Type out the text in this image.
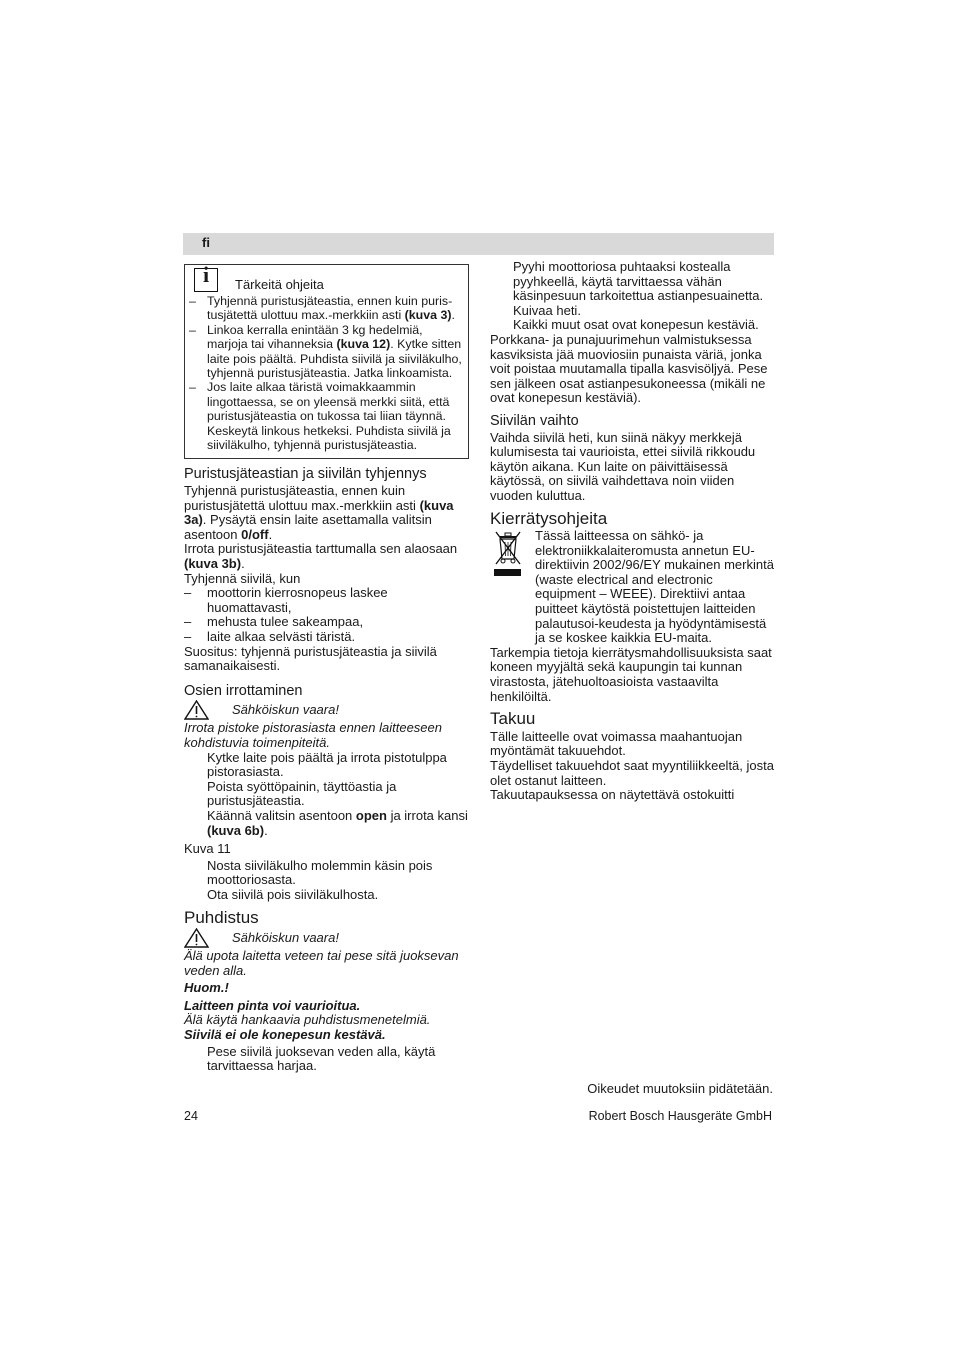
fi
i
Tärkeitä ohjeita
– Tyhjennä puristusjäteastia, ennen kuin puris- tusjätettä ulottuu max.-merkkiin asti (kuva 3).
– Linkoa kerralla enintään 3 kg hedelmiä, marjoja tai vihanneksia (kuva 12). Kytke sitten laite pois päältä. Puhdista siivilä ja siiviläkulho, tyhjennä puristusjäteastia. Jatka linkoamista.
– Jos laite alkaa täristä voimakkaammin lingottaessa, se on yleensä merkki siitä, että puristusjäteastia on tukossa tai liian täynnä. Keskeytä linkous hetkeksi. Puhdista siivilä ja siiviläkulho, tyhjennä puristusjäteastia.
Puristusjäteastian ja siivilän tyhjennys

Tyhjennä puristusjäteastia, ennen kuin puristusjätettä ulottuu max.-merkkiin asti (kuva 3a). Pysäytä ensin laite asettamalla valitsin asentoon 0/off.

Irrota puristusjäteastia tarttumalla sen alaosaan (kuva 3b).

Tyhjennä siivilä, kun

–	moottorin kierrosnopeus laskee huomattavasti,
–	mehusta tulee sakeampaa,
–	laite alkaa selvästi täristä.

Suositus: tyhjennä puristusjäteastia ja siivilä samanaikaisesti.

Osien irrottaminen
Sähköiskun vaara!

Irrota pistoke pistorasiasta ennen laitteeseen kohdistuvia toimenpiteitä.

Kytke laite pois päältä ja irrota pistotulppa pistorasiasta.

Poista syöttöpainin, täyttöastia ja puristusjäteastia.

Käännä valitsin asentoon open ja irrota kansi (kuva 6b).

Kuva 11

Nosta siiviläkulho molemmin käsin pois moottoriosasta.

Ota siivilä pois siiviläkulhosta.

Puhdistus
Sähköiskun vaara!

Älä upota laitetta veteen tai pese sitä juoksevan veden alla.

Huom.!

Laitteen pinta voi vaurioitua.

Älä käytä hankaavia puhdistusmenetelmiä.

Siivilä ei ole konepesun kestävä.

Pese siivilä juoksevan veden alla, käytä tarvittaessa harjaa.

Pyyhi moottoriosa puhtaaksi kostealla pyyhkeellä, käytä tarvittaessa vähän käsinpesuun tarkoitettua astianpesuainetta. Kuivaa heti.

Kaikki muut osat ovat konepesun kestäviä.

Porkkana- ja punajuurimehun valmistuksessa kasviksista jää muoviosiin punaista väriä, jonka voit poistaa muutamalla tipalla kasvisöljyä. Pese sen jälkeen osat astianpesukoneessa (mikäli ne ovat konepesun kestäviä).

Siivilän vaihto

Vaihda siivilä heti, kun siinä näkyy merkkejä kulumisesta tai vaurioista, ettei siivilä rikkoudu käytön aikana. Kun laite on päivittäisessä käytössä, on siivilä vaihdettava noin viiden vuoden kuluttua.

Kierrätysohjeita

Tässä laitteessa on sähkö- ja elektroniikkalaiteromusta annetun EU-direktiivin 2002/96/EY mukainen merkintä (waste electrical and electronic equipment – WEEE). Direktiivi antaa puitteet käytöstä poistettujen laitteiden palautusoi-keudesta ja hyödyntämisestä ja se koskee kaikkia EU-maita.

Tarkempia tietoja kierrätysmahdollisuuksista saat koneen myyjältä sekä kaupungin tai kunnan virastosta, jätehuoltoasioista vastaavilta henkilöiltä.

Takuu

Tälle laitteelle ovat voimassa maahantuojan myöntämät takuuehdot.

Täydelliset takuuehdot saat myyntiliikkeeltä, josta olet ostanut laitteen.

Takuutapauksessa on näytettävä ostokuitti

Oikeudet muutoksiin pidätetään.
24	Robert Bosch Hausgeräte GmbH
